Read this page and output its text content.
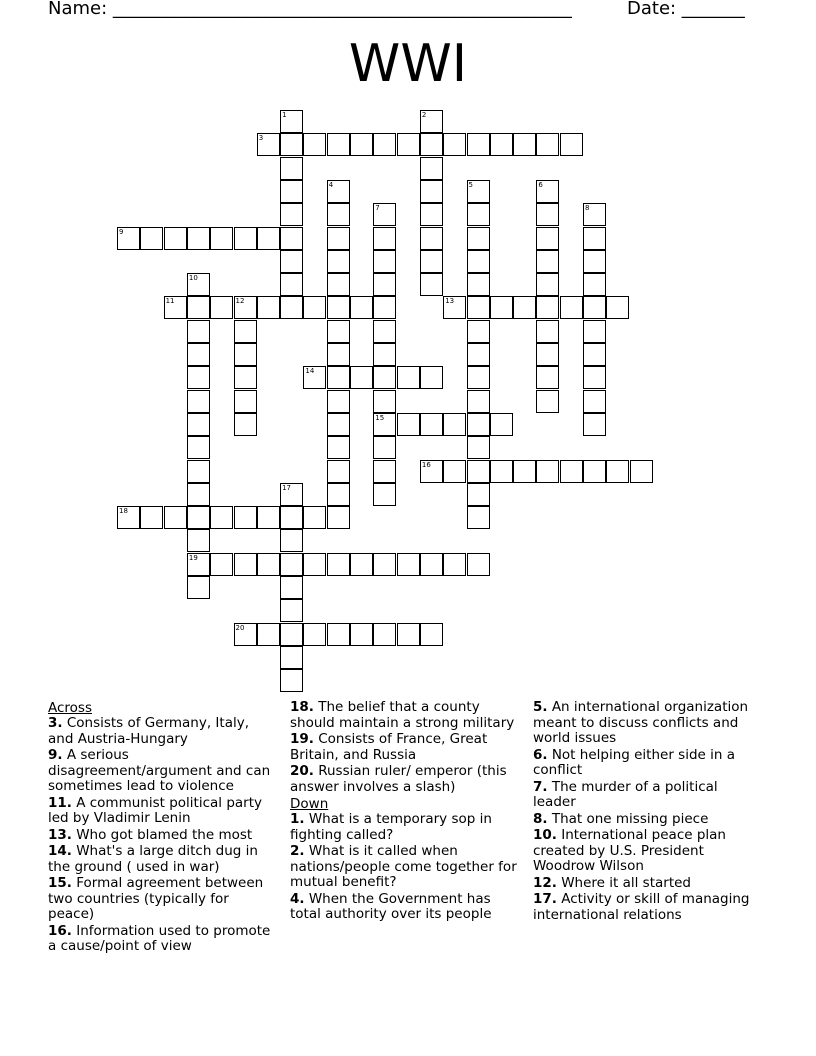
Name: ___________________________________________________	Date: _______
WWI
3
9
11	12	13
14
15
16
18
19
20
1	2
4	5	6
7	8
10
17
Across
3. Consists of Germany, Italy, and Austria-Hungary
9. A serious disagreement/argument and can sometimes lead to violence
11. A communist political party led by Vladimir Lenin
13. Who got blamed the most
14. What's a large ditch dug in the ground ( used in war)
15. Formal agreement between two countries (typically for peace)
16. Information used to promote a cause/point of view
18. The belief that a county should maintain a strong military
19. Consists of France, Great Britain, and Russia
20. Russian ruler/ emperor (this answer involves a slash)
Down
1. What is a temporary sop in fighting called?
2. What is it called when nations/people come together for mutual benefit?
4. When the Government has total authority over its people
5. An international organization meant to discuss conflicts and world issues
6. Not helping either side in a conflict
7. The murder of a political leader
8. That one missing piece
10. International peace plan created by U.S. President Woodrow Wilson
12. Where it all started
17. Activity or skill of managing international relations
